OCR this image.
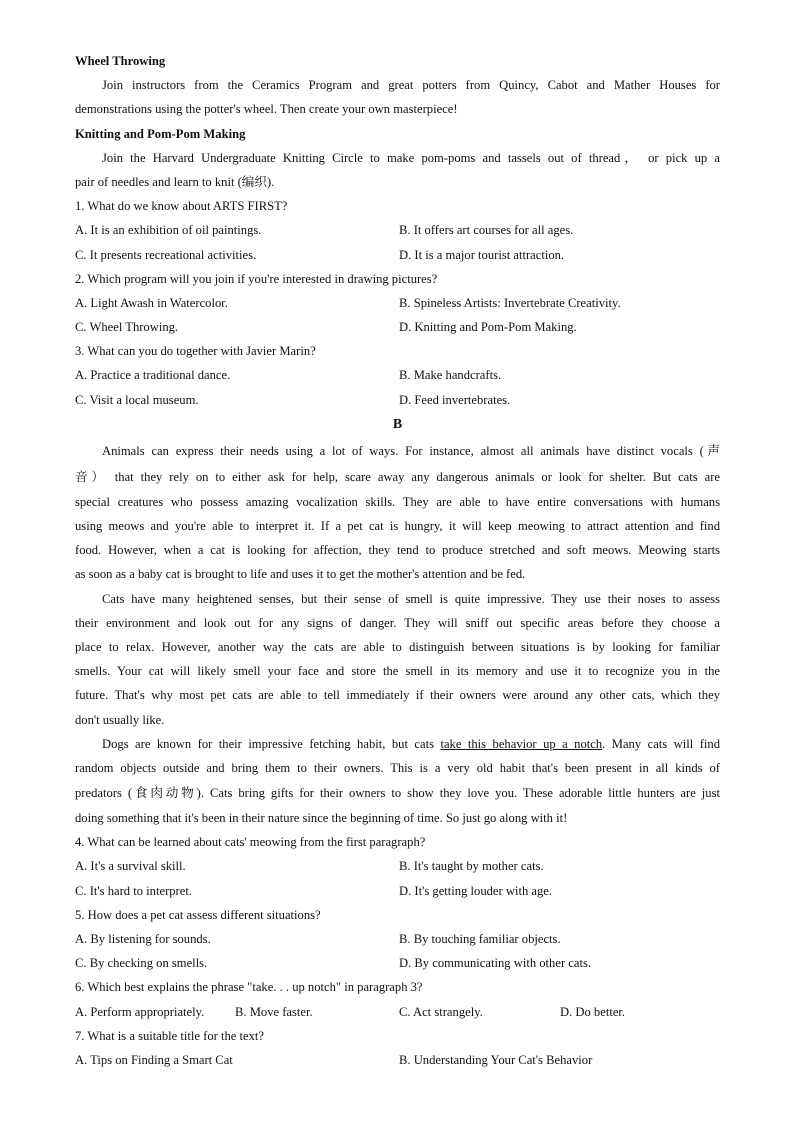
Wheel Throwing
Join instructors from the Ceramics Program and great potters from Quincy, Cabot and Mather Houses for
demonstrations using the potter's wheel. Then create your own masterpiece!
Knitting and Pom-Pom Making
Join the Harvard Undergraduate Knitting Circle to make pom-poms and tassels out of thread， or pick up a
pair of needles and learn to knit (编织).
1. What do we know about ARTS FIRST?
A. It is an exhibition of oil paintings.	B. It offers art courses for all ages.
C. It presents recreational activities.	D. It is a major tourist attraction.
2. Which program will you join if you're interested in drawing pictures?
A. Light Awash in Watercolor.	B. Spineless Artists: Invertebrate Creativity.
C. Wheel Throwing.	D. Knitting and Pom-Pom Making.
3. What can you do together with Javier Marin?
A. Practice a traditional dance.	B. Make handcrafts.
C. Visit a local museum.	D. Feed invertebrates.
B
Animals can express their needs using a lot of ways. For instance, almost all animals have distinct vocals (声
音） that they rely on to either ask for help, scare away any dangerous animals or look for shelter. But cats are
special creatures who possess amazing vocalization skills. They are able to have entire conversations with humans
using meows and you're able to interpret it. If a pet cat is hungry, it will keep meowing to attract attention and find
food. However, when a cat is looking for affection, they tend to produce stretched and soft meows. Meowing starts
as soon as a baby cat is brought to life and uses it to get the mother's attention and be fed.
Cats have many heightened senses, but their sense of smell is quite impressive. They use their noses to assess
their environment and look out for any signs of danger. They will sniff out specific areas before they choose a
place to relax. However, another way the cats are able to distinguish between situations is by looking for familiar
smells. Your cat will likely smell your face and store the smell in its memory and use it to recognize you in the
future. That's why most pet cats are able to tell immediately if their owners were around any other cats, which they
don't usually like.
Dogs are known for their impressive fetching habit, but cats take this behavior up a notch. Many cats will find
random objects outside and bring them to their owners. This is a very old habit that's been present in all kinds of
predators (食肉动物). Cats bring gifts for their owners to show they love you. These adorable little hunters are just
doing something that it's been in their nature since the beginning of time. So just go along with it!
4. What can be learned about cats' meowing from the first paragraph?
A. It's a survival skill.	B. It's taught by mother cats.
C. It's hard to interpret.	D. It's getting louder with age.
5. How does a pet cat assess different situations?
A. By listening for sounds.	B. By touching familiar objects.
C. By checking on smells.	D. By communicating with other cats.
6. Which best explains the phrase "take. . . up notch" in paragraph 3?
A. Perform appropriately.	B. Move faster.	C. Act strangely.	D. Do better.
7. What is a suitable title for the text?
A. Tips on Finding a Smart Cat	B. Understanding Your Cat's Behavior
